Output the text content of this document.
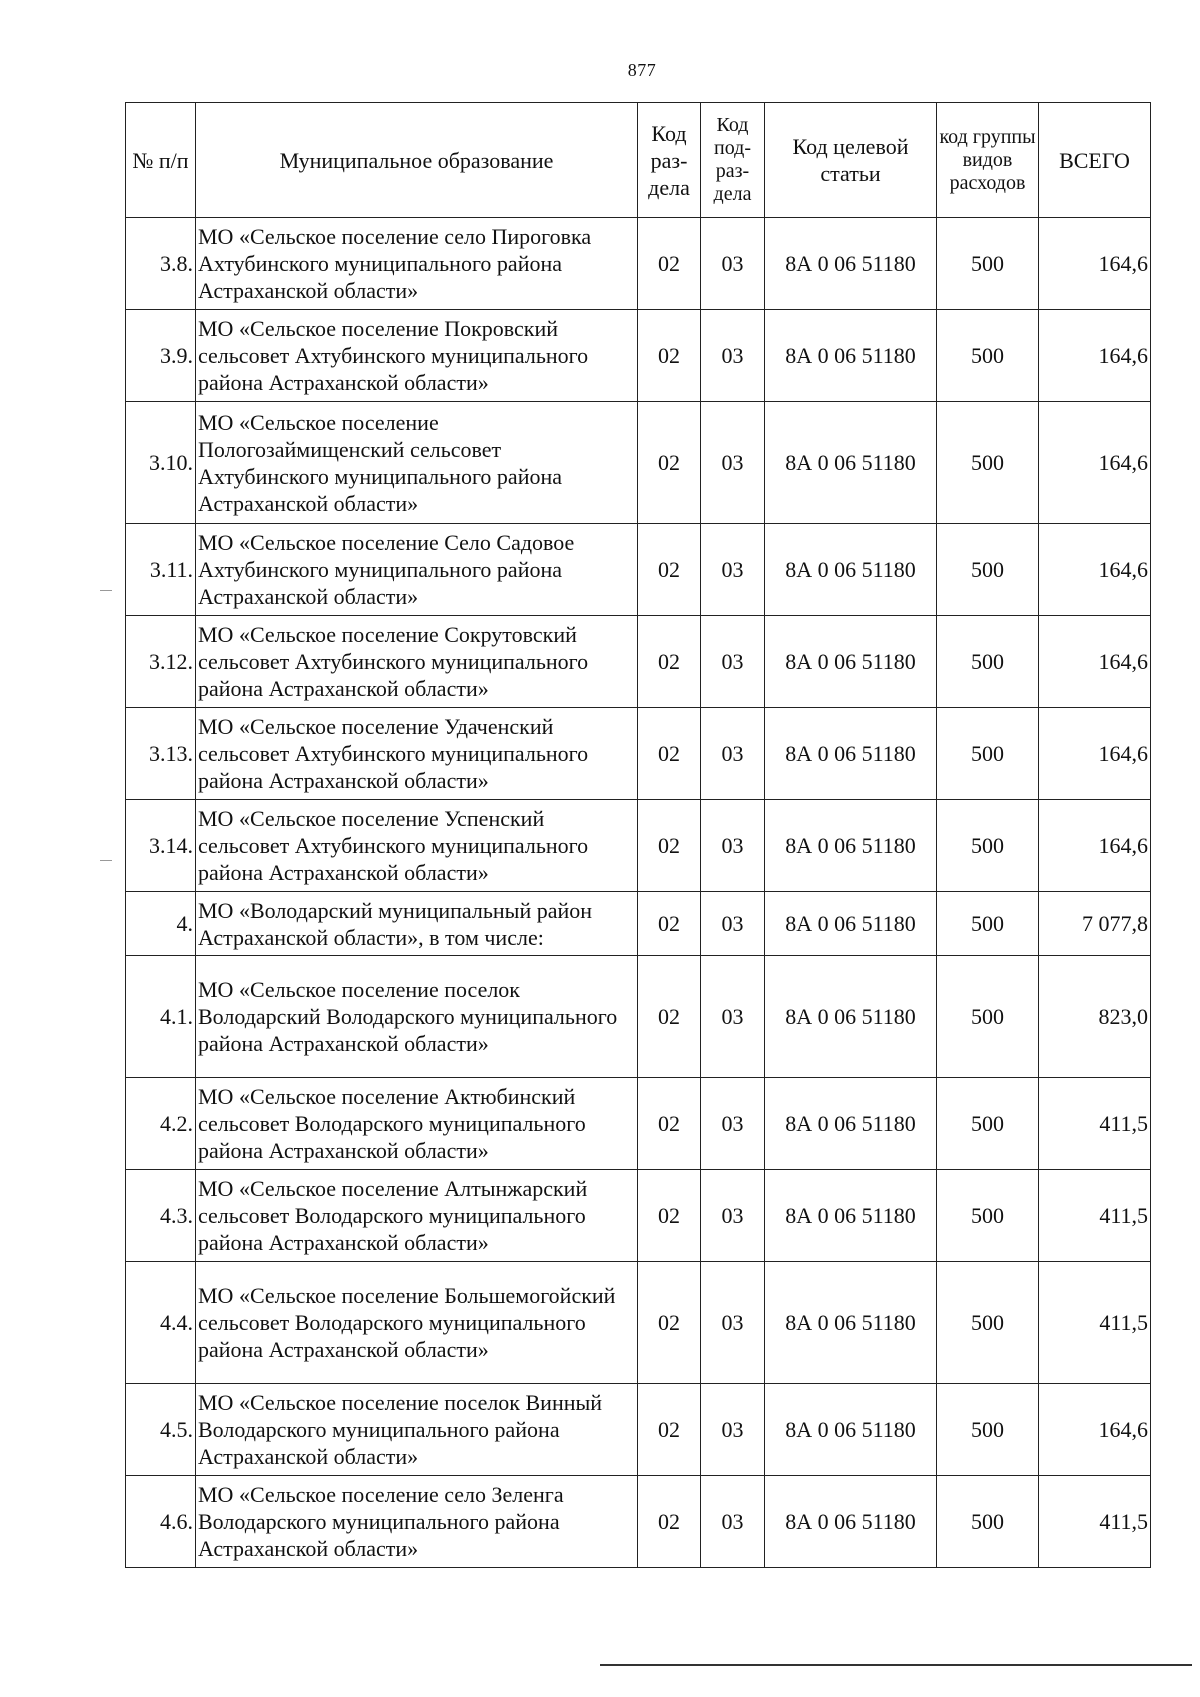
877
№ п/п	Муниципальное образование	Код раз- дела	Код под- раз- дела	Код целевой статьи	код группы видов расходов	ВСЕГО
3.8.	МО «Сельское поселение село Пироговка Ахтубинского муниципального района Астраханской области»	02	03	8А 0 06 51180	500	164,6
3.9.	МО «Сельское поселение Покровский сельсовет Ахтубинского муниципального района Астраханской области»	02	03	8А 0 06 51180	500	164,6
3.10.	МО «Сельское поселение Пологозаймищенский сельсовет Ахтубинского муниципального района Астраханской области»	02	03	8А 0 06 51180	500	164,6
3.11.	МО «Сельское поселение Село Садовое Ахтубинского муниципального района Астраханской области»	02	03	8А 0 06 51180	500	164,6
3.12.	МО «Сельское поселение Сокрутовский сельсовет Ахтубинского муниципального района Астраханской области»	02	03	8А 0 06 51180	500	164,6
3.13.	МО «Сельское поселение Удаченский сельсовет Ахтубинского муниципального района Астраханской области»	02	03	8А 0 06 51180	500	164,6
3.14.	МО «Сельское поселение Успенский сельсовет Ахтубинского муниципального района Астраханской области»	02	03	8А 0 06 51180	500	164,6
4.	МО «Володарский муниципальный район Астраханской области», в том числе:	02	03	8А 0 06 51180	500	7 077,8
4.1.	МО «Сельское поселение поселок Володарский Володарского муниципального района Астраханской области»	02	03	8А 0 06 51180	500	823,0
4.2.	МО «Сельское поселение Актюбинский сельсовет Володарского муниципального района Астраханской области»	02	03	8А 0 06 51180	500	411,5
4.3.	МО «Сельское поселение Алтынжарский сельсовет Володарского муниципального района Астраханской области»	02	03	8А 0 06 51180	500	411,5
4.4.	МО «Сельское поселение Большемогойский сельсовет Володарского муниципального района Астраханской области»	02	03	8А 0 06 51180	500	411,5
4.5.	МО «Сельское поселение поселок Винный Володарского муниципального района Астраханской области»	02	03	8А 0 06 51180	500	164,6
4.6.	МО «Сельское поселение село Зеленга Володарского муниципального района Астраханской области»	02	03	8А 0 06 51180	500	411,5
